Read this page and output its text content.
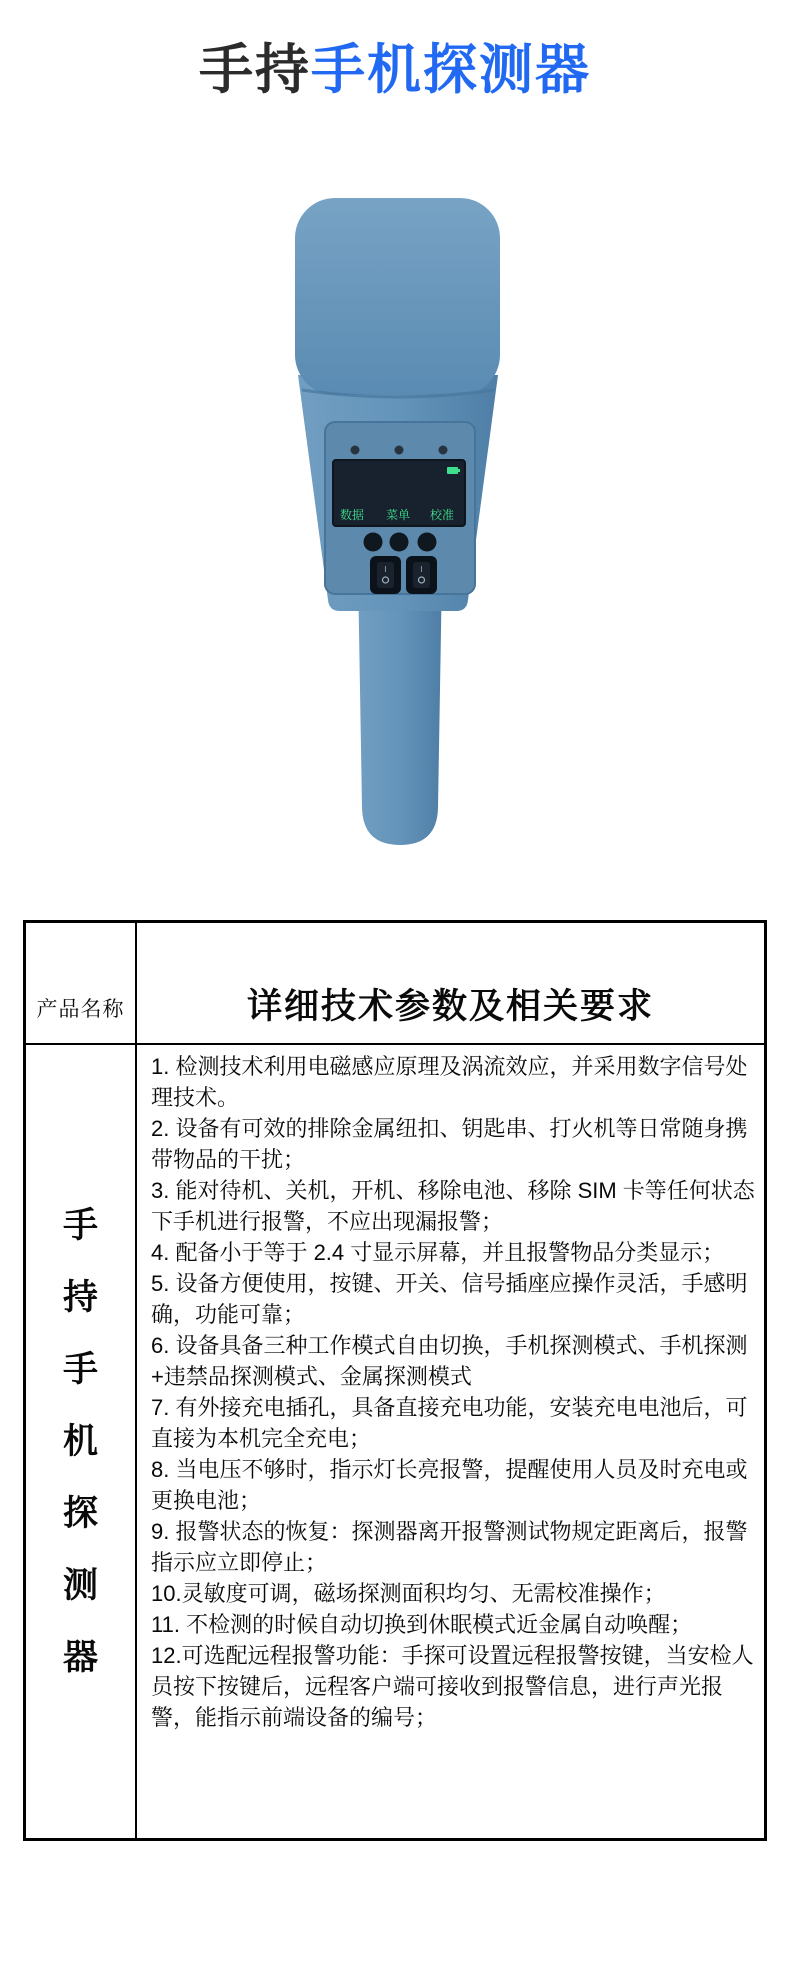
手持手机探测器
数据 菜单 校准
I	I
产品名称	详细技术参数及相关要求
手
持
手
机
探
测
器

1. 检测技术利用电磁感应原理及涡流效应，并采用数字信号处理技术。

2. 设备有可效的排除金属纽扣、钥匙串、打火机等日常随身携带物品的干扰；

3. 能对待机、关机，开机、移除电池、移除 SIM 卡等任何状态下手机进行报警，不应出现漏报警；

4. 配备小于等于 2.4 寸显示屏幕，并且报警物品分类显示；

5. 设备方便使用，按键、开关、信号插座应操作灵活，手感明确，功能可靠；

6. 设备具备三种工作模式自由切换，手机探测模式、手机探测+违禁品探测模式、金属探测模式

7. 有外接充电插孔，具备直接充电功能，安装充电电池后，可直接为本机完全充电；

8. 当电压不够时，指示灯长亮报警，提醒使用人员及时充电或更换电池；

9. 报警状态的恢复：探测器离开报警测试物规定距离后，报警指示应立即停止；

10.灵敏度可调，磁场探测面积均匀、无需校准操作；

11. 不检测的时候自动切换到休眠模式近金属自动唤醒；

12.可选配远程报警功能：手探可设置远程报警按键，当安检人员按下按键后，远程客户端可接收到报警信息，进行声光报警，能指示前端设备的编号；
